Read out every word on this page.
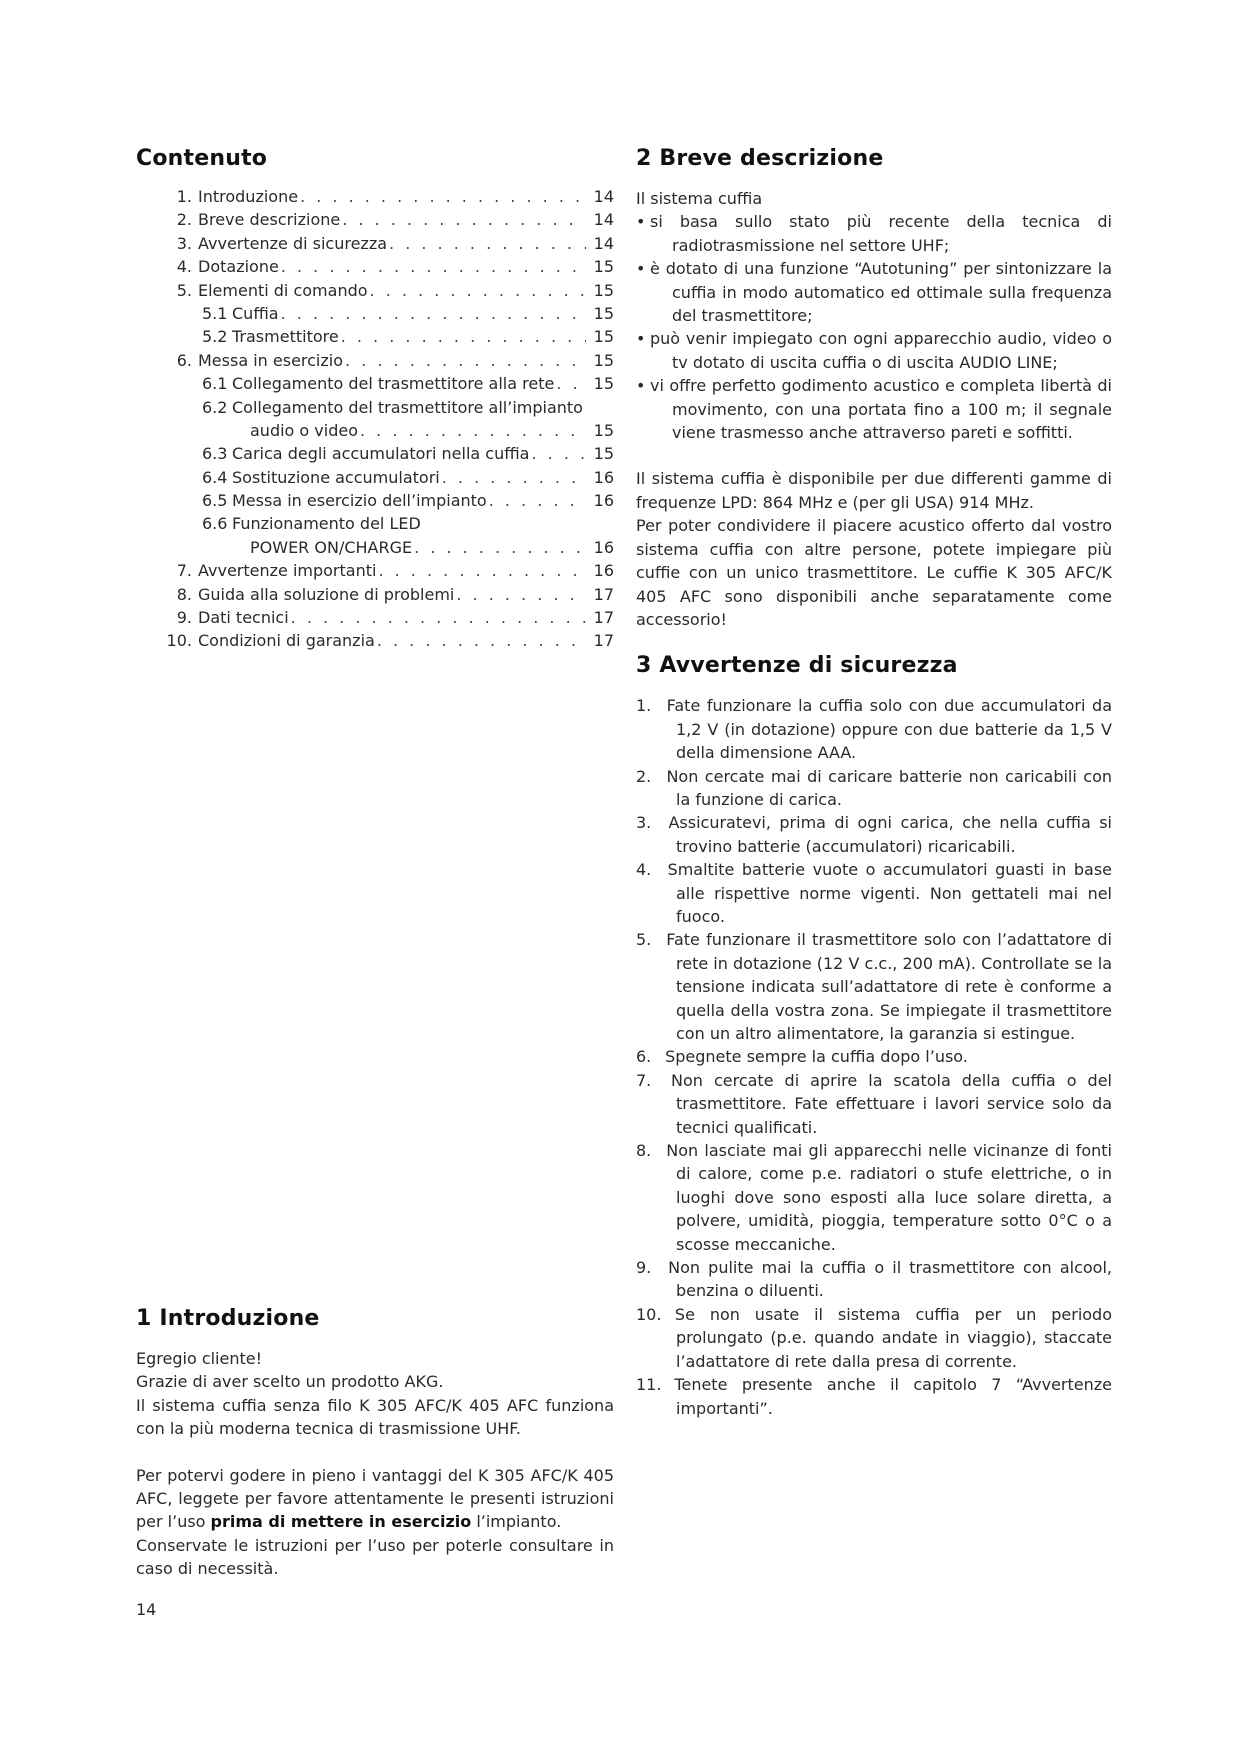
Contenuto
1. Introduzione . . .	14
2. Breve descrizione . . .	14
3. Avvertenze di sicurezza . . .	14
4. Dotazione . . .	15
5. Elementi di comando . . .	15
5.1 Cuffia . . .	15
5.2 Trasmettitore . . .	15
6. Messa in esercizio . . .	15
6.1 Collegamento del trasmettitore alla rete . . .	15
6.2 Collegamento del trasmettitore all’impianto
audio o video . . .	15
6.3 Carica degli accumulatori nella cuffia . . .	15
6.4 Sostituzione accumulatori . . .	16
6.5 Messa in esercizio dell’impianto . . .	16
6.6 Funzionamento del LED
POWER ON/CHARGE . . .	16
7. Avvertenze importanti . . .	16
8. Guida alla soluzione di problemi . . .	17
9. Dati tecnici . . .	17
10. Condizioni di garanzia . . .	17
1 Introduzione

Egregio cliente!

Grazie di aver scelto un prodotto AKG.

Il sistema cuffia senza filo K 305 AFC/K 405 AFC funziona con la più moderna tecnica di trasmissione UHF.

Per potervi godere in pieno i vantaggi del K 305 AFC/K 405 AFC, leggete per favore attentamente le presenti istruzioni per l’uso prima di mettere in esercizio l’impianto.

Conservate le istruzioni per l’uso per poterle consultare in caso di necessità.

2 Breve descrizione

Il sistema cuffia

• si basa sullo stato più recente della tecnica di radiotrasmissione nel settore UHF;
• è dotato di una funzione “Autotuning” per sintonizzare la cuffia in modo automatico ed ottimale sulla frequenza del trasmettitore;
• può venir impiegato con ogni apparecchio audio, video o tv dotato di uscita cuffia o di uscita AUDIO LINE;
• vi offre perfetto godimento acustico e completa libertà di movimento, con una portata fino a 100 m; il segnale viene trasmesso anche attraverso pareti e soffitti.

Il sistema cuffia è disponibile per due differenti gamme di frequenze LPD: 864 MHz e (per gli USA) 914 MHz.

Per poter condividere il piacere acustico offerto dal vostro sistema cuffia con altre persone, potete impiegare più cuffie con un unico trasmettitore. Le cuffie K 305 AFC/K 405 AFC sono disponibili anche separatamente come accessorio!

3 Avvertenze di sicurezza
1. Fate funzionare la cuffia solo con due accumulatori da 1,2 V (in dotazione) oppure con due batterie da 1,5 V della dimensione AAA.
2. Non cercate mai di caricare batterie non caricabili con la funzione di carica.
3. Assicuratevi, prima di ogni carica, che nella cuffia si trovino batterie (accumulatori) ricaricabili.
4. Smaltite batterie vuote o accumulatori guasti in base alle rispettive norme vigenti. Non gettateli mai nel fuoco.
5. Fate funzionare il trasmettitore solo con l’adattatore di rete in dotazione (12 V c.c., 200 mA). Controllate se la tensione indicata sull’adattatore di rete è conforme a quella della vostra zona. Se impiegate il trasmettitore con un altro alimentatore, la garanzia si estingue.
6. Spegnete sempre la cuffia dopo l’uso.
7. Non cercate di aprire la scatola della cuffia o del trasmettitore. Fate effettuare i lavori service solo da tecnici qualificati.
8. Non lasciate mai gli apparecchi nelle vicinanze di fonti di calore, come p.e. radiatori o stufe elettriche, o in luoghi dove sono esposti alla luce solare diretta, a polvere, umidità, pioggia, temperature sotto 0°C o a scosse meccaniche.
9. Non pulite mai la cuffia o il trasmettitore con alcool, benzina o diluenti.
10. Se non usate il sistema cuffia per un periodo prolungato (p.e. quando andate in viaggio), staccate l’adattatore di rete dalla presa di corrente.
11. Tenete presente anche il capitolo 7 “Avvertenze importanti”.
14
